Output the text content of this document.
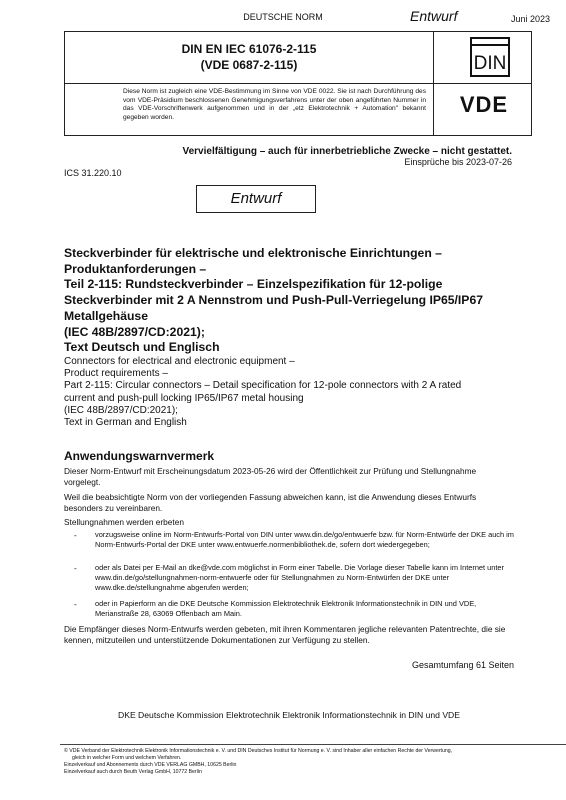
DEUTSCHE NORM	Entwurf	Juni 2023
DIN EN IEC 61076-2-115
(VDE 0687-2-115)
Diese Norm ist zugleich eine VDE-Bestimmung im Sinne von VDE 0022. Sie ist nach Durchführung des vom VDE-Präsidium beschlossenen Genehmigungsverfahrens unter der oben angeführten Nummer in das VDE-Vorschriftenwerk aufgenommen und in der „etz Elektrotechnik + Automation" bekannt gegeben worden.
DIN
VDE
Vervielfältigung – auch für innerbetriebliche Zwecke – nicht gestattet.
Einsprüche bis 2023-07-26
ICS 31.220.10
Entwurf
Steckverbinder für elektrische und elektronische Einrichtungen –
Produktanforderungen –
Teil 2-115: Rundsteckverbinder – Einzelspezifikation für 12-polige
Steckverbinder mit 2 A Nennstrom und Push-Pull-Verriegelung IP65/IP67
Metallgehäuse
(IEC 48B/2897/CD:2021);
Text Deutsch und Englisch
Connectors for electrical and electronic equipment –
Product requirements –
Part 2-115: Circular connectors – Detail specification for 12-pole connectors with 2 A rated
current and push-pull locking IP65/IP67 metal housing
(IEC 48B/2897/CD:2021);
Text in German and English
Anwendungswarnvermerk
Dieser Norm-Entwurf mit Erscheinungsdatum 2023-05-26 wird der Öffentlichkeit zur Prüfung und Stellungnahme vorgelegt.
Weil die beabsichtigte Norm von der vorliegenden Fassung abweichen kann, ist die Anwendung dieses Entwurfs besonders zu vereinbaren.
Stellungnahmen werden erbeten
- vorzugsweise online im Norm-Entwurfs-Portal von DIN unter www.din.de/go/entwuerfe bzw. für Norm-Entwürfe der DKE auch im Norm-Entwurfs-Portal der DKE unter www.entwuerfe.normenbibliothek.de, sofern dort wiedergegeben;
- oder als Datei per E-Mail an dke@vde.com möglichst in Form einer Tabelle. Die Vorlage dieser Tabelle kann im Internet unter www.din.de/go/stellungnahmen-norm-entwuerfe oder für Stellungnahmen zu Norm-Entwürfen der DKE unter www.dke.de/stellungnahme abgerufen werden;
- oder in Papierform an die DKE Deutsche Kommission Elektrotechnik Elektronik Informationstechnik in DIN und VDE, Merianstraße 28, 63069 Offenbach am Main.
Die Empfänger dieses Norm-Entwurfs werden gebeten, mit ihren Kommentaren jegliche relevanten Patentrechte, die sie kennen, mitzuteilen und unterstützende Dokumentationen zur Verfügung zu stellen.
Gesamtumfang 61 Seiten
DKE Deutsche Kommission Elektrotechnik Elektronik Informationstechnik in DIN und VDE
© VDE Verband der Elektrotechnik Elektronik Informationstechnik e. V. und DIN Deutsches Institut für Normung e. V. sind Inhaber aller einfachen Rechte der Verwertung,
gleich in welcher Form und welchem Verfahren.
Einzelverkauf und Abonnements durch VDE VERLAG GMBH, 10625 Berlin
Einzelverkauf auch durch Beuth Verlag GmbH, 10772 Berlin
